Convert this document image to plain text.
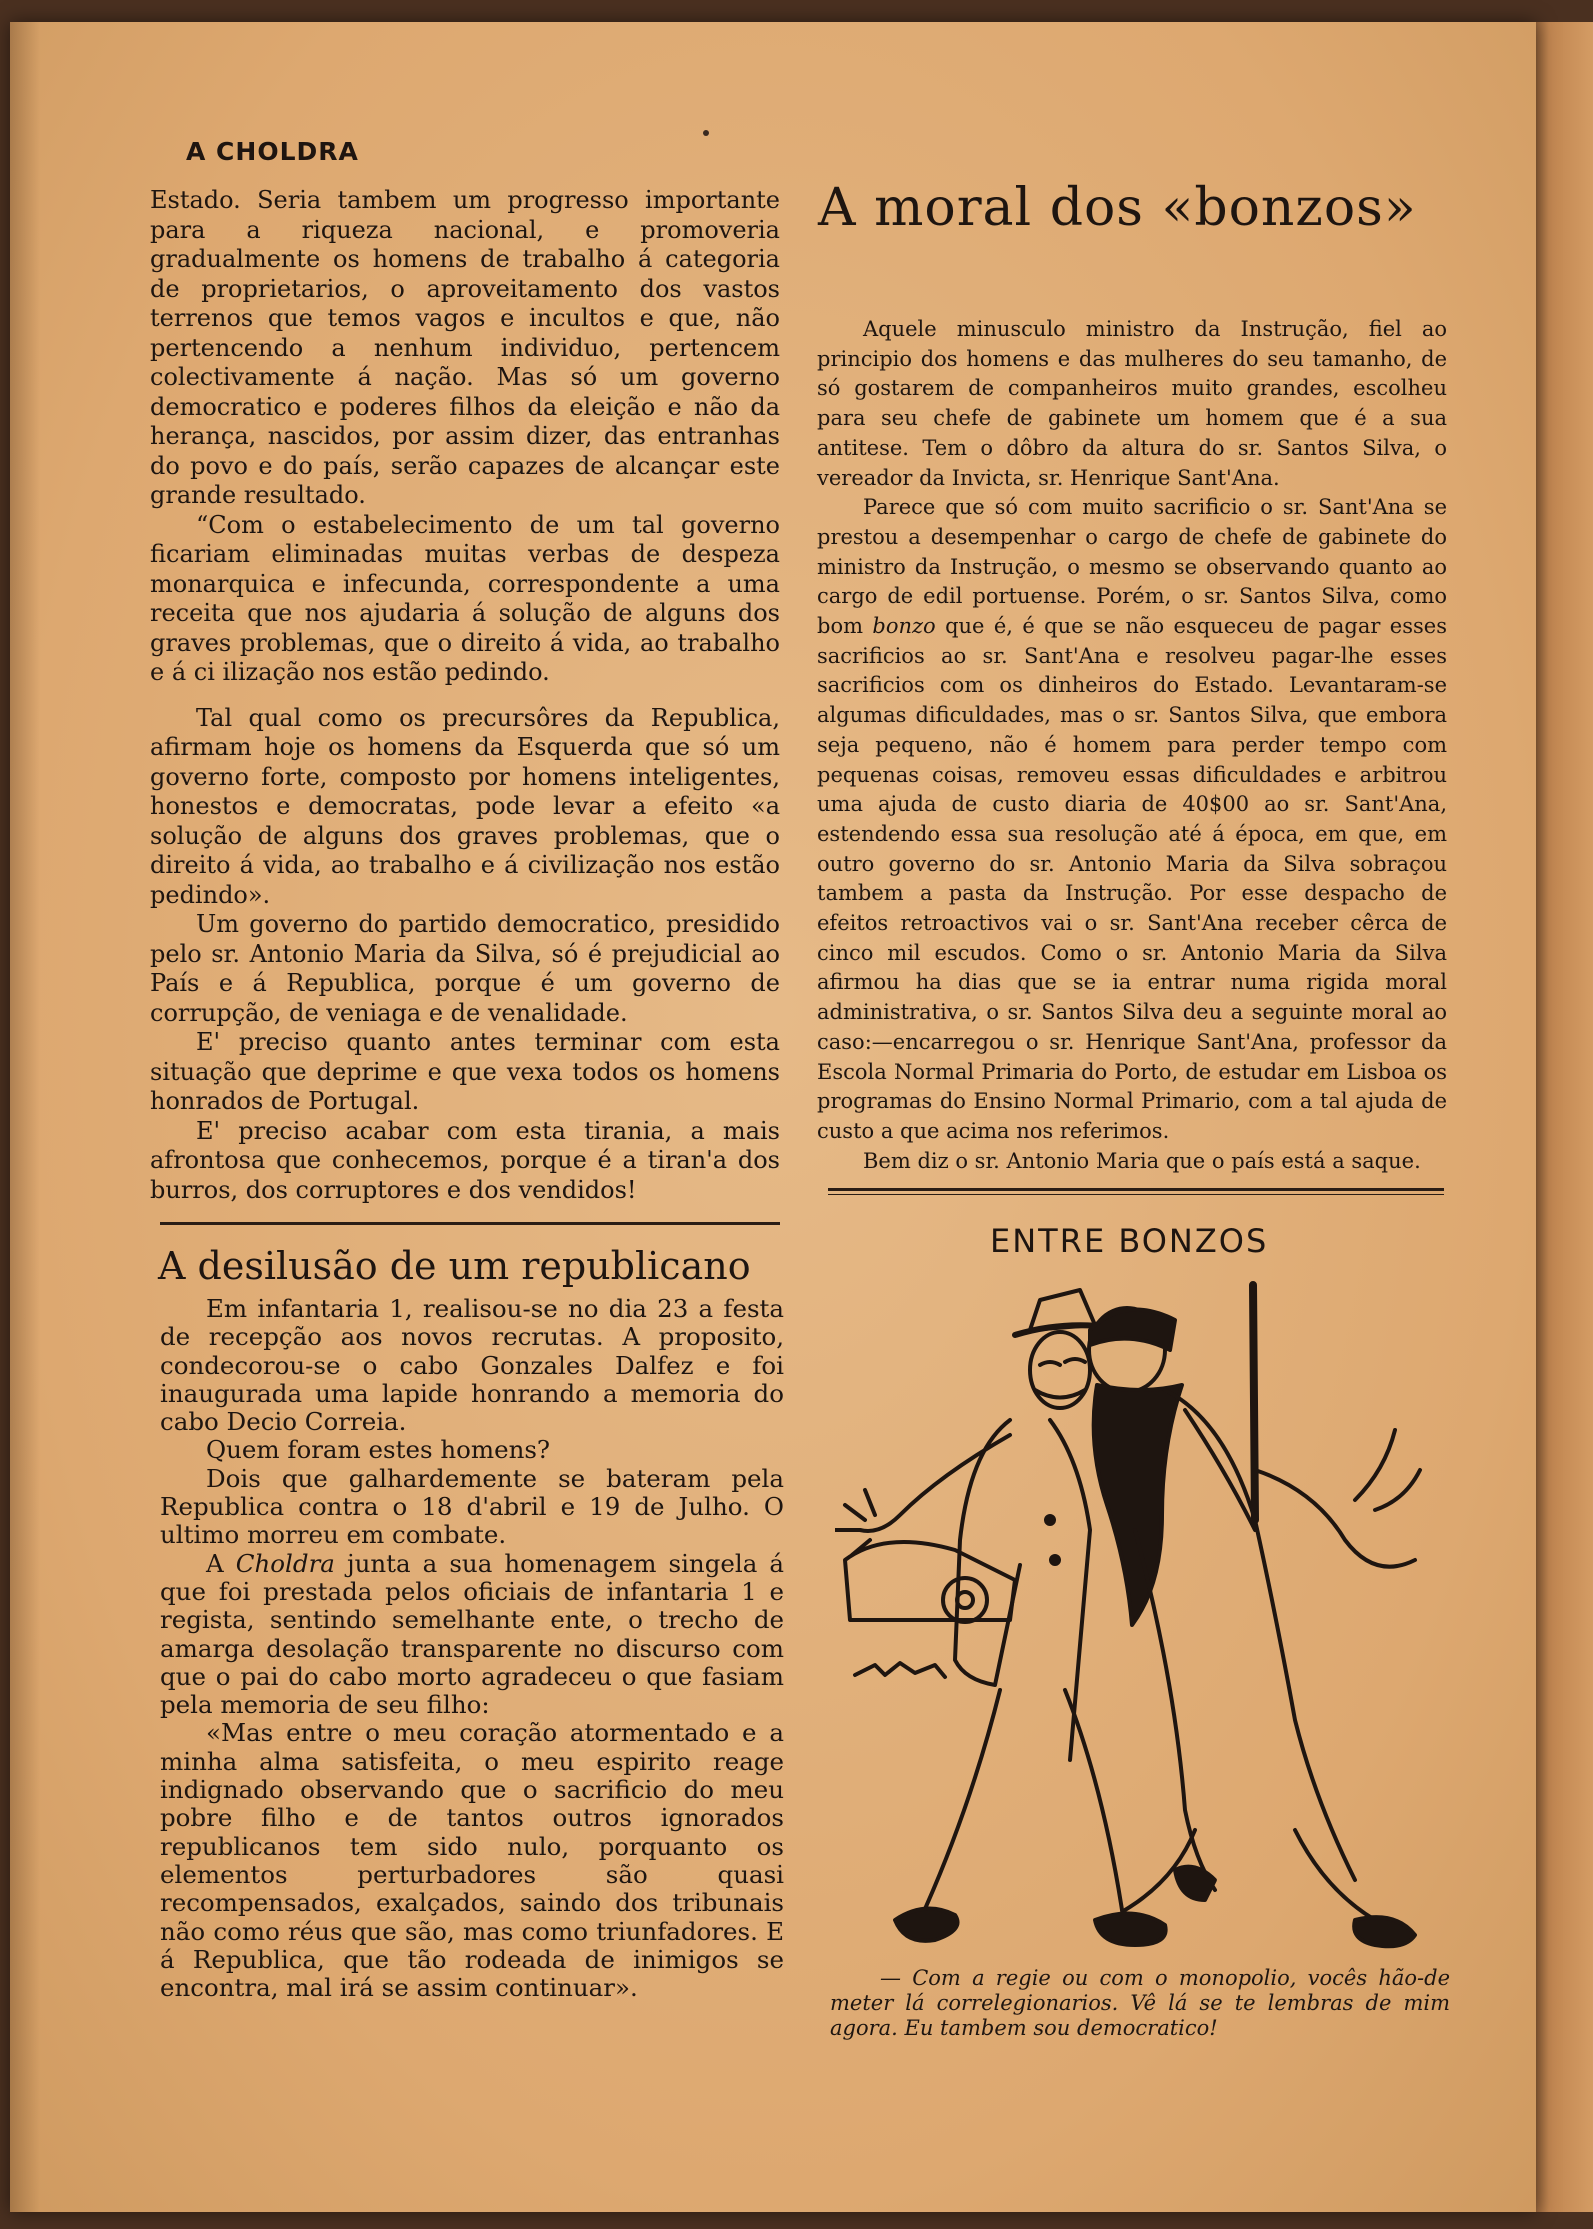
A CHOLDRA

Estado. Seria tambem um progresso importante para a riqueza nacional, e promoveria gradualmente os homens de trabalho á categoria de proprietarios, o aproveitamento dos vastos terrenos que temos vagos e incultos e que, não pertencendo a nenhum individuo, pertencem colectivamente á nação. Mas só um governo democratico e poderes filhos da eleição e não da herança, nascidos, por assim dizer, das entranhas do povo e do país, serão capazes de alcançar este grande resultado.

“Com o estabelecimento de um tal governo ficariam eliminadas muitas verbas de despeza monarquica e infecunda, correspondente a uma receita que nos ajudaria á solução de alguns dos graves problemas, que o direito á vida, ao trabalho e á ci ilização nos estão pedindo.

Tal qual como os precursôres da Republica, afirmam hoje os homens da Esquerda que só um governo forte, composto por homens inteligentes, honestos e democratas, pode levar a efeito «a solução de alguns dos graves problemas, que o direito á vida, ao trabalho e á civilização nos estão pedindo».

Um governo do partido democratico, presidido pelo sr. Antonio Maria da Silva, só é prejudicial ao País e á Republica, porque é um governo de corrupção, de veniaga e de venalidade.

E' preciso quanto antes terminar com esta situação que deprime e que vexa todos os homens honrados de Portugal.

E' preciso acabar com esta tirania, a mais afrontosa que conhecemos, porque é a tiran'a dos burros, dos corruptores e dos vendidos!

A desilusão de um republicano

Em infantaria 1, realisou-se no dia 23 a festa de recepção aos novos recrutas. A proposito, condecorou-se o cabo Gonzales Dalfez e foi inaugurada uma lapide honrando a memoria do cabo Decio Correia.

Quem foram estes homens?

Dois que galhardemente se bateram pela Republica contra o 18 d'abril e 19 de Julho. O ultimo morreu em combate.

A Choldra junta a sua homenagem singela á que foi prestada pelos oficiais de infantaria 1 e regista, sentindo semelhante ente, o trecho de amarga desolação transparente no discurso com que o pai do cabo morto agradeceu o que fasiam pela memoria de seu filho:

«Mas entre o meu coração atormentado e a minha alma satisfeita, o meu espirito reage indignado observando que o sacrificio do meu pobre filho e de tantos outros ignorados republicanos tem sido nulo, porquanto os elementos perturbadores são quasi recompensados, exalçados, saindo dos tribunais não como réus que são, mas como triunfadores. E á Republica, que tão rodeada de inimigos se encontra, mal irá se assim continuar».

A moral dos «bonzos»

Aquele minusculo ministro da Instrução, fiel ao principio dos homens e das mulheres do seu tamanho, de só gostarem de companheiros muito grandes, escolheu para seu chefe de gabinete um homem que é a sua antitese. Tem o dôbro da altura do sr. Santos Silva, o vereador da Invicta, sr. Henrique Sant'Ana.

Parece que só com muito sacrificio o sr. Sant'Ana se prestou a desempenhar o cargo de chefe de gabinete do ministro da Instrução, o mesmo se observando quanto ao cargo de edil portuense. Porém, o sr. Santos Silva, como bom bonzo que é, é que se não esqueceu de pagar esses sacrificios ao sr. Sant'Ana e resolveu pagar-lhe esses sacrificios com os dinheiros do Estado. Levantaram-se algumas dificuldades, mas o sr. Santos Silva, que embora seja pequeno, não é homem para perder tempo com pequenas coisas, removeu essas dificuldades e arbitrou uma ajuda de custo diaria de 40$00 ao sr. Sant'Ana, estendendo essa sua resolução até á época, em que, em outro governo do sr. Antonio Maria da Silva sobraçou tambem a pasta da Instrução. Por esse despacho de efeitos retroactivos vai o sr. Sant'Ana receber cêrca de cinco mil escudos. Como o sr. Antonio Maria da Silva afirmou ha dias que se ia entrar numa rigida moral administrativa, o sr. Santos Silva deu a seguinte moral ao caso:—encarregou o sr. Henrique Sant'Ana, professor da Escola Normal Primaria do Porto, de estudar em Lisboa os programas do Ensino Normal Primario, com a tal ajuda de custo a que acima nos referimos.

Bem diz o sr. Antonio Maria que o país está a saque.

ENTRE BONZOS

— Com a regie ou com o monopolio, vocês hão-de meter lá correlegionarios. Vê lá se te lembras de mim agora. Eu tambem sou democratico!
